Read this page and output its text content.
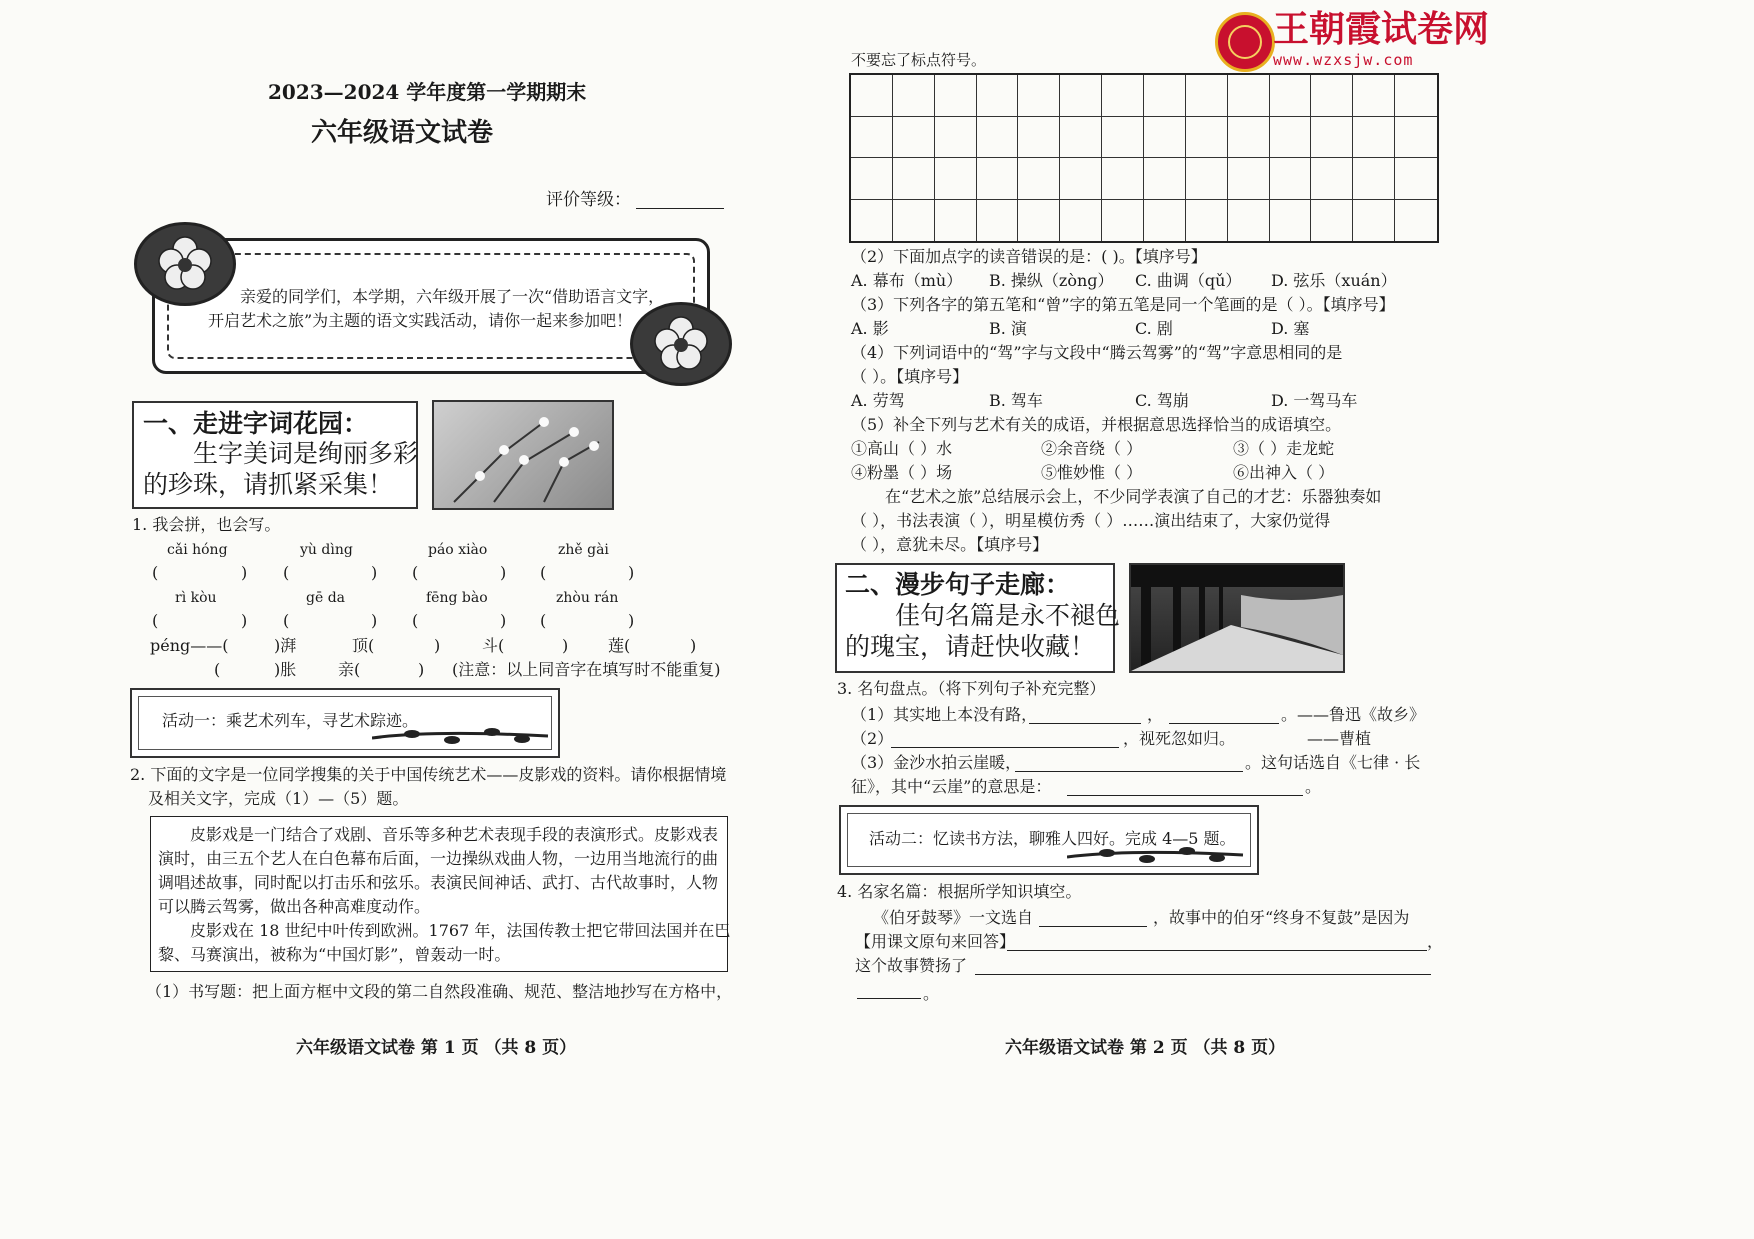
2023—2024 学年度第一学期期末
六年级语文试卷
评价等级：
亲爱的同学们，本学期，六年级开展了一次“借助语言文字，
开启艺术之旅”为主题的语文实践活动，请你一起来参加吧！
一、走进字词花园：
生字美词是绚丽多彩
的珍珠，请抓紧采集！
1. 我会拼，也会写。
cǎi hóng	yù dìng	páo xiào	zhě gài
(	) (	) (	) (	)
rì kòu	gē da	fēng bào	zhòu rán
(	) (	) (	) (	)
péng——(	)湃	顶(	)	斗(	) 莲(	)
(	)胀	亲(	) (注意：以上同音字在填写时不能重复)
活动一：乘艺术列车，寻艺术踪迹。
2. 下面的文字是一位同学搜集的关于中国传统艺术——皮影戏的资料。请你根据情境
及相关文字，完成（1）—（5）题。
皮影戏是一门结合了戏剧、音乐等多种艺术表现手段的表演形式。皮影戏表
演时，由三五个艺人在白色幕布后面，一边操纵戏曲人物，一边用当地流行的曲
调唱述故事，同时配以打击乐和弦乐。表演民间神话、武打、古代故事时，人物
可以腾云驾雾，做出各种高难度动作。
皮影戏在 18 世纪中叶传到欧洲。1767 年，法国传教士把它带回法国并在巴
黎、马赛演出，被称为“中国灯影”，曾轰动一时。
（1）书写题：把上面方框中文段的第二自然段准确、规范、整洁地抄写在方格中，
六年级语文试卷 第 1 页 （共 8 页）
王朝霞试卷网
www.wzxsjw.com
不要忘了标点符号。
（2）下面加点字的读音错误的是：( )。【填序号】
A. 幕布（mù） B. 操纵（zònɡ） C. 曲调（qǔ） D. 弦乐（xuán）
（3）下列各字的第五笔和“曾”字的第五笔是同一个笔画的是（ ）。【填序号】
A. 影	B. 演	C. 剧	D. 塞
（4）下列词语中的“驾”字与文段中“腾云驾雾”的“驾”字意思相同的是
（ ）。【填序号】
A. 劳驾	B. 驾车	C. 驾崩	D. 一驾马车
（5）补全下列与艺术有关的成语，并根据意思选择恰当的成语填空。
①高山（ ）水	②余音绕（ ）	③（ ）走龙蛇
④粉墨（ ）场	⑤惟妙惟（ ）	⑥出神入（ ）
在“艺术之旅”总结展示会上，不少同学表演了自己的才艺：乐器独奏如
（ ），书法表演（ ），明星模仿秀（ ）……演出结束了，大家仍觉得
（ ），意犹未尽。【填序号】
二、漫步句子走廊：
佳句名篇是永不褪色
的瑰宝，请赶快收藏！
3. 名句盘点。（将下列句子补充完整）
（1）其实地上本没有路，	，	。——鲁迅《故乡》
（2）	，视死忽如归。	——曹植
（3）金沙水拍云崖暖，	。这句话选自《七律 · 长
征》，其中“云崖”的意思是：	。
活动二：忆读书方法，聊雅人四好。完成 4—5 题。
4. 名家名篇：根据所学知识填空。
《伯牙鼓琴》一文选自	，故事中的伯牙“终身不复鼓”是因为
【用课文原句来回答】	，
这个故事赞扬了
。
六年级语文试卷 第 2 页 （共 8 页）
